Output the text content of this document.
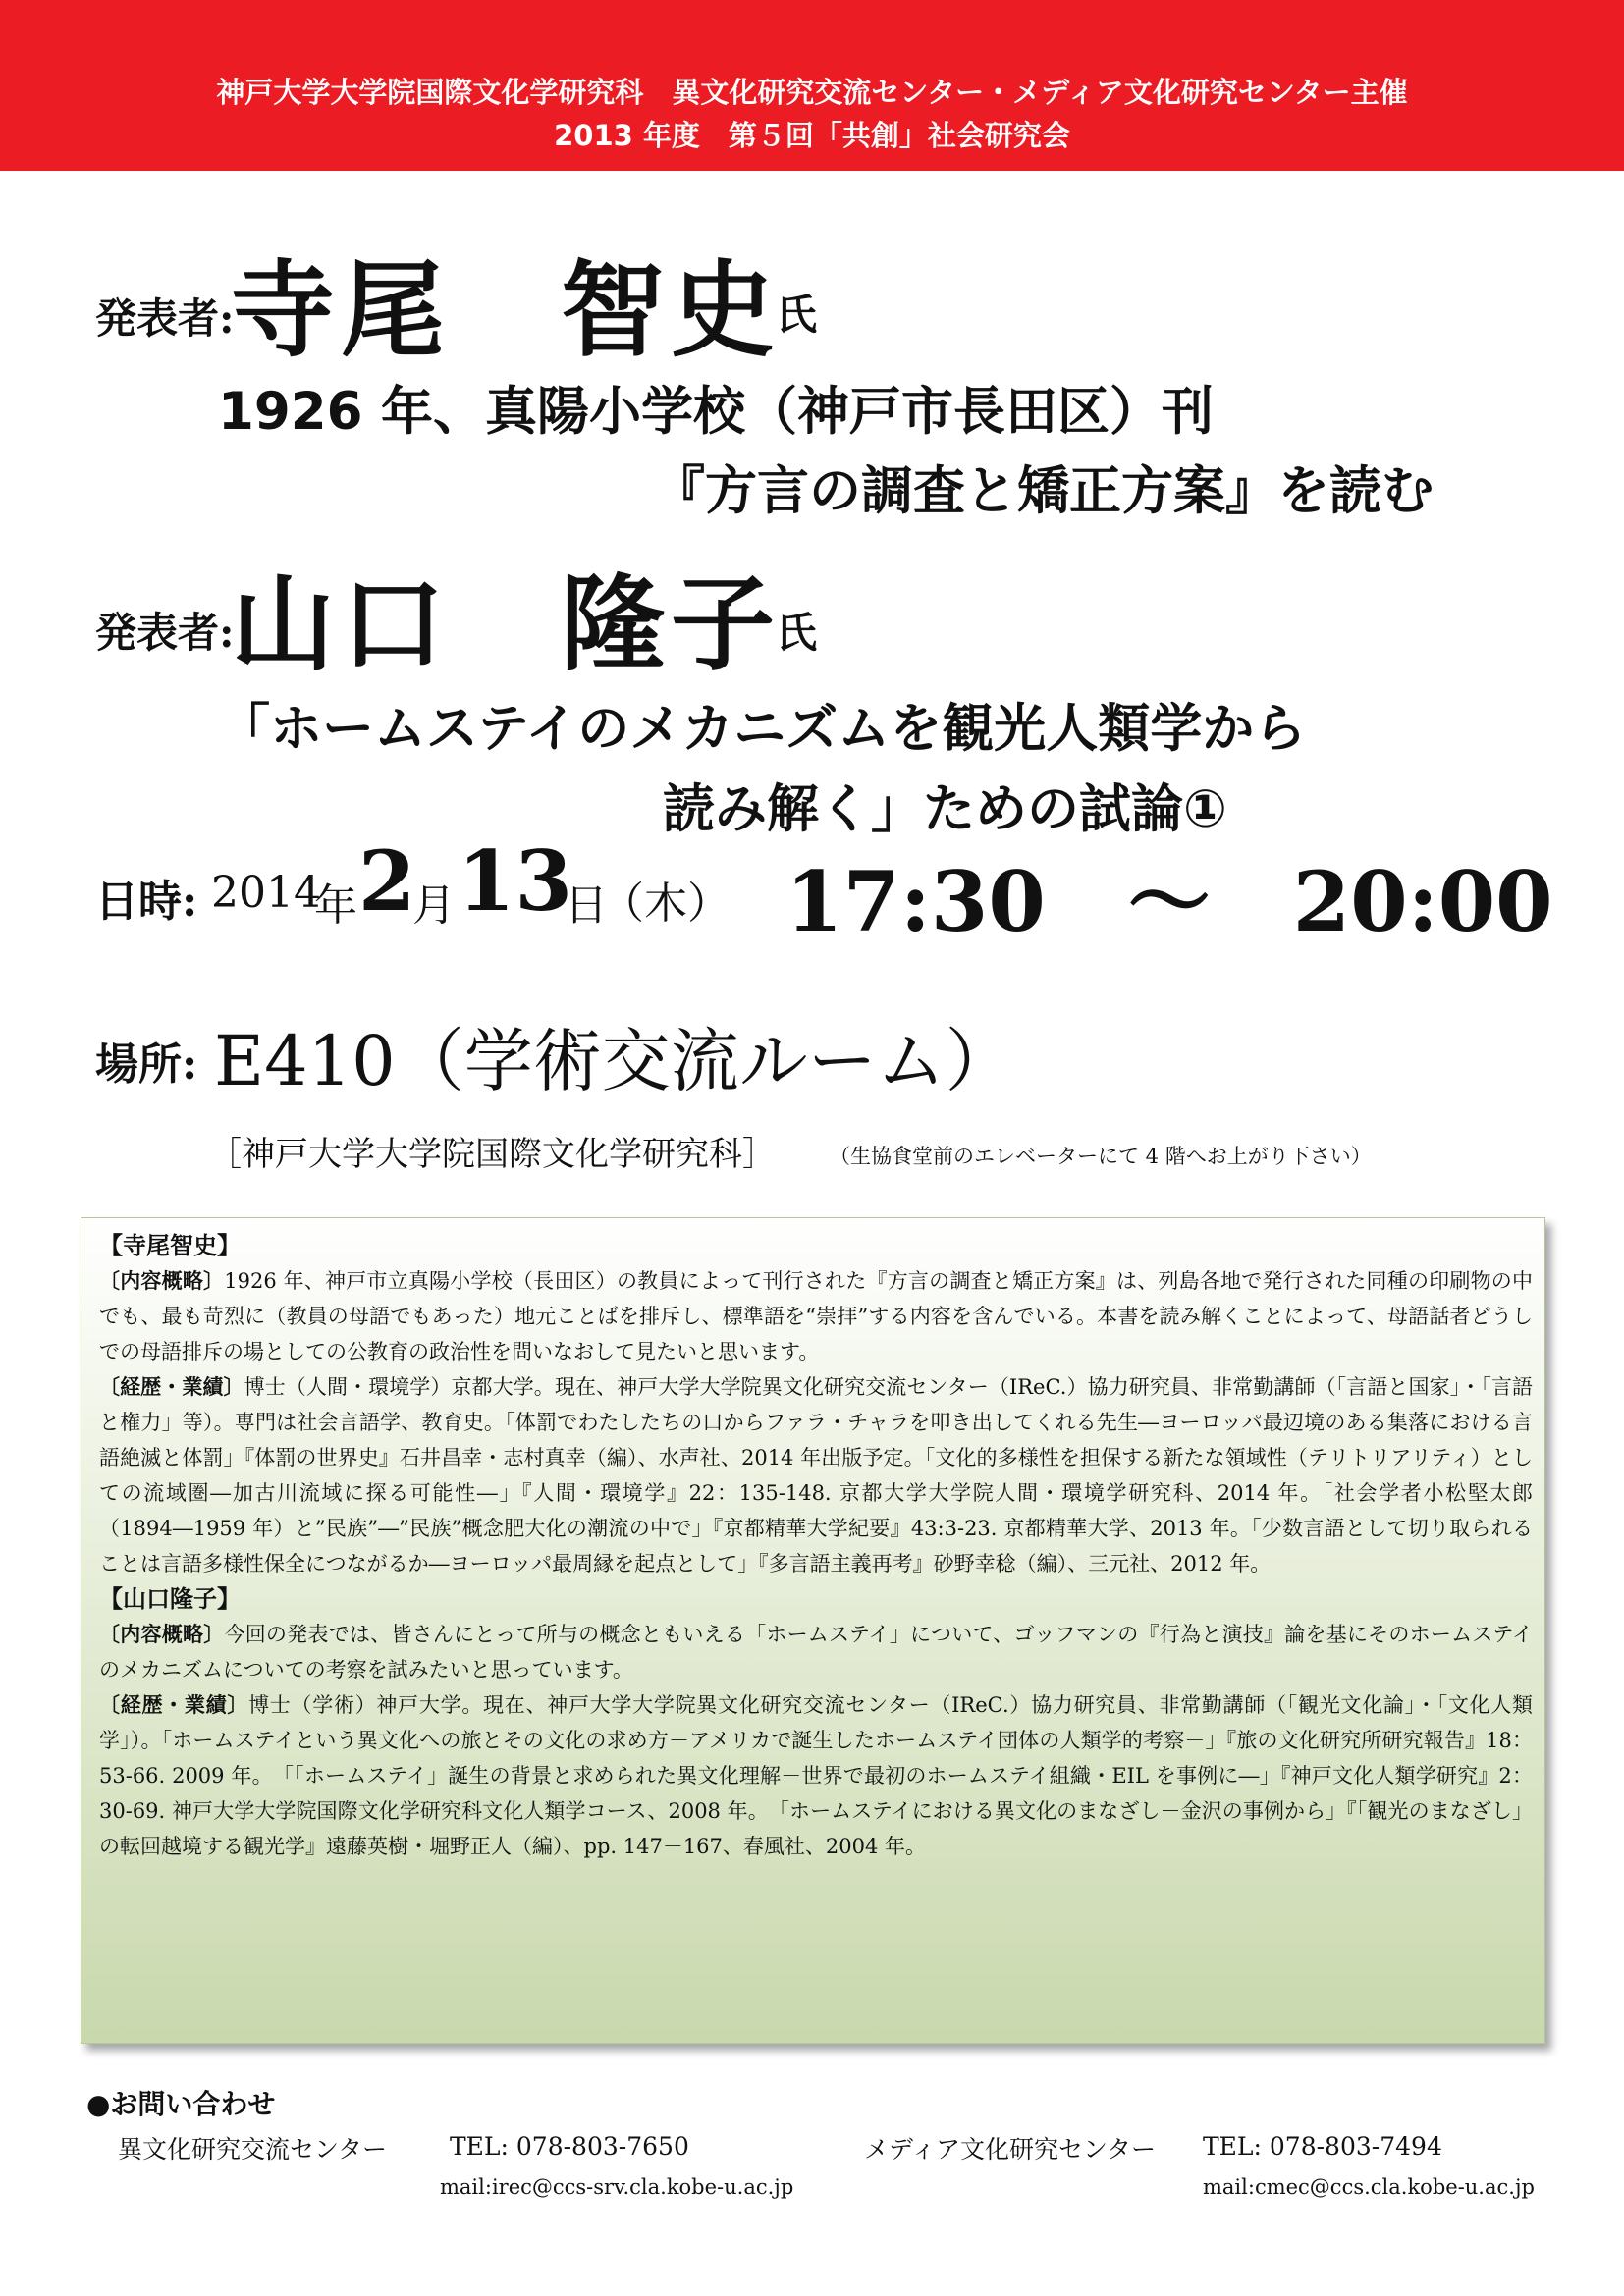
神戸大学大学院国際文化学研究科　異文化研究交流センター・メディア文化研究センター主催
2013 年度　第５回「共創」社会研究会
発表者:
寺尾　智史
氏
1926 年、真陽小学校（神戸市長田区）刊
『方言の調査と矯正方案』を読む
発表者:
山口　隆子
氏
「ホームステイのメカニズムを観光人類学から
読み解く」ための試論①
日時: 2014
年 2
月 13
日
（木） 17:30　～　20:00
場所: E410（学術交流ルーム）
［神戸大学大学院国際文化学研究科］	（生協食堂前のエレベーターにて 4 階へお上がり下さい）

【寺尾智史】

〔内容概略〕1926 年、神戸市立真陽小学校（長田区）の教員によって刊行された『方言の調査と矯正方案』は、列島各地で発行された同種の印刷物の中でも、最も苛烈に（教員の母語でもあった）地元ことばを排斥し、標準語を“崇拝”する内容を含んでいる。本書を読み解くことによって、母語話者どうしでの母語排斥の場としての公教育の政治性を問いなおして見たいと思います。

〔経歴・業績〕博士（人間・環境学）京都大学。現在、神戸大学大学院異文化研究交流センター（IReC.）協力研究員、非常勤講師（「言語と国家」・「言語と権力」等）。専門は社会言語学、教育史。「体罰でわたしたちの口からファラ・チャラを叩き出してくれる先生―ヨーロッパ最辺境のある集落における言語絶滅と体罰」『体罰の世界史』石井昌幸・志村真幸（編）、水声社、2014 年出版予定。「文化的多様性を担保する新たな領域性（テリトリアリティ）としての流域圏―加古川流域に探る可能性―」『人間・環境学』22：135-148. 京都大学大学院人間・環境学研究科、2014 年。「社会学者小松堅太郎（1894―1959 年）と”民族”―”民族”概念肥大化の潮流の中で」『京都精華大学紀要』43:3-23. 京都精華大学、2013 年。「少数言語として切り取られることは言語多様性保全につながるか―ヨーロッパ最周縁を起点として」『多言語主義再考』砂野幸稔（編）、三元社、2012 年。

【山口隆子】

〔内容概略〕今回の発表では、皆さんにとって所与の概念ともいえる「ホームステイ」について、ゴッフマンの『行為と演技』論を基にそのホームステイのメカニズムについての考察を試みたいと思っています。

〔経歴・業績〕博士（学術）神戸大学。現在、神戸大学大学院異文化研究交流センター（IReC.）協力研究員、非常勤講師（「観光文化論」・「文化人類学」）。「ホームステイという異文化への旅とその文化の求め方－アメリカで誕生したホームステイ団体の人類学的考察－」『旅の文化研究所研究報告』18：53-66. 2009 年。　「「ホームステイ」誕生の背景と求められた異文化理解－世界で最初のホームステイ組織・EIL を事例に―」『神戸文化人類学研究』2：30-69. 神戸大学大学院国際文化学研究科文化人類学コース、2008 年。　「ホームステイにおける異文化のまなざし－金沢の事例から」『「観光のまなざし」の転回越境する観光学』遠藤英樹・堀野正人（編）、pp. 147－167、春風社、2004 年。

●お問い合わせ
異文化研究交流センター	TEL: 078-803-7650
mail:irec@ccs-srv.cla.kobe-u.ac.jp
メディア文化研究センター TEL: 078-803-7494
mail:cmec@ccs.cla.kobe-u.ac.jp
